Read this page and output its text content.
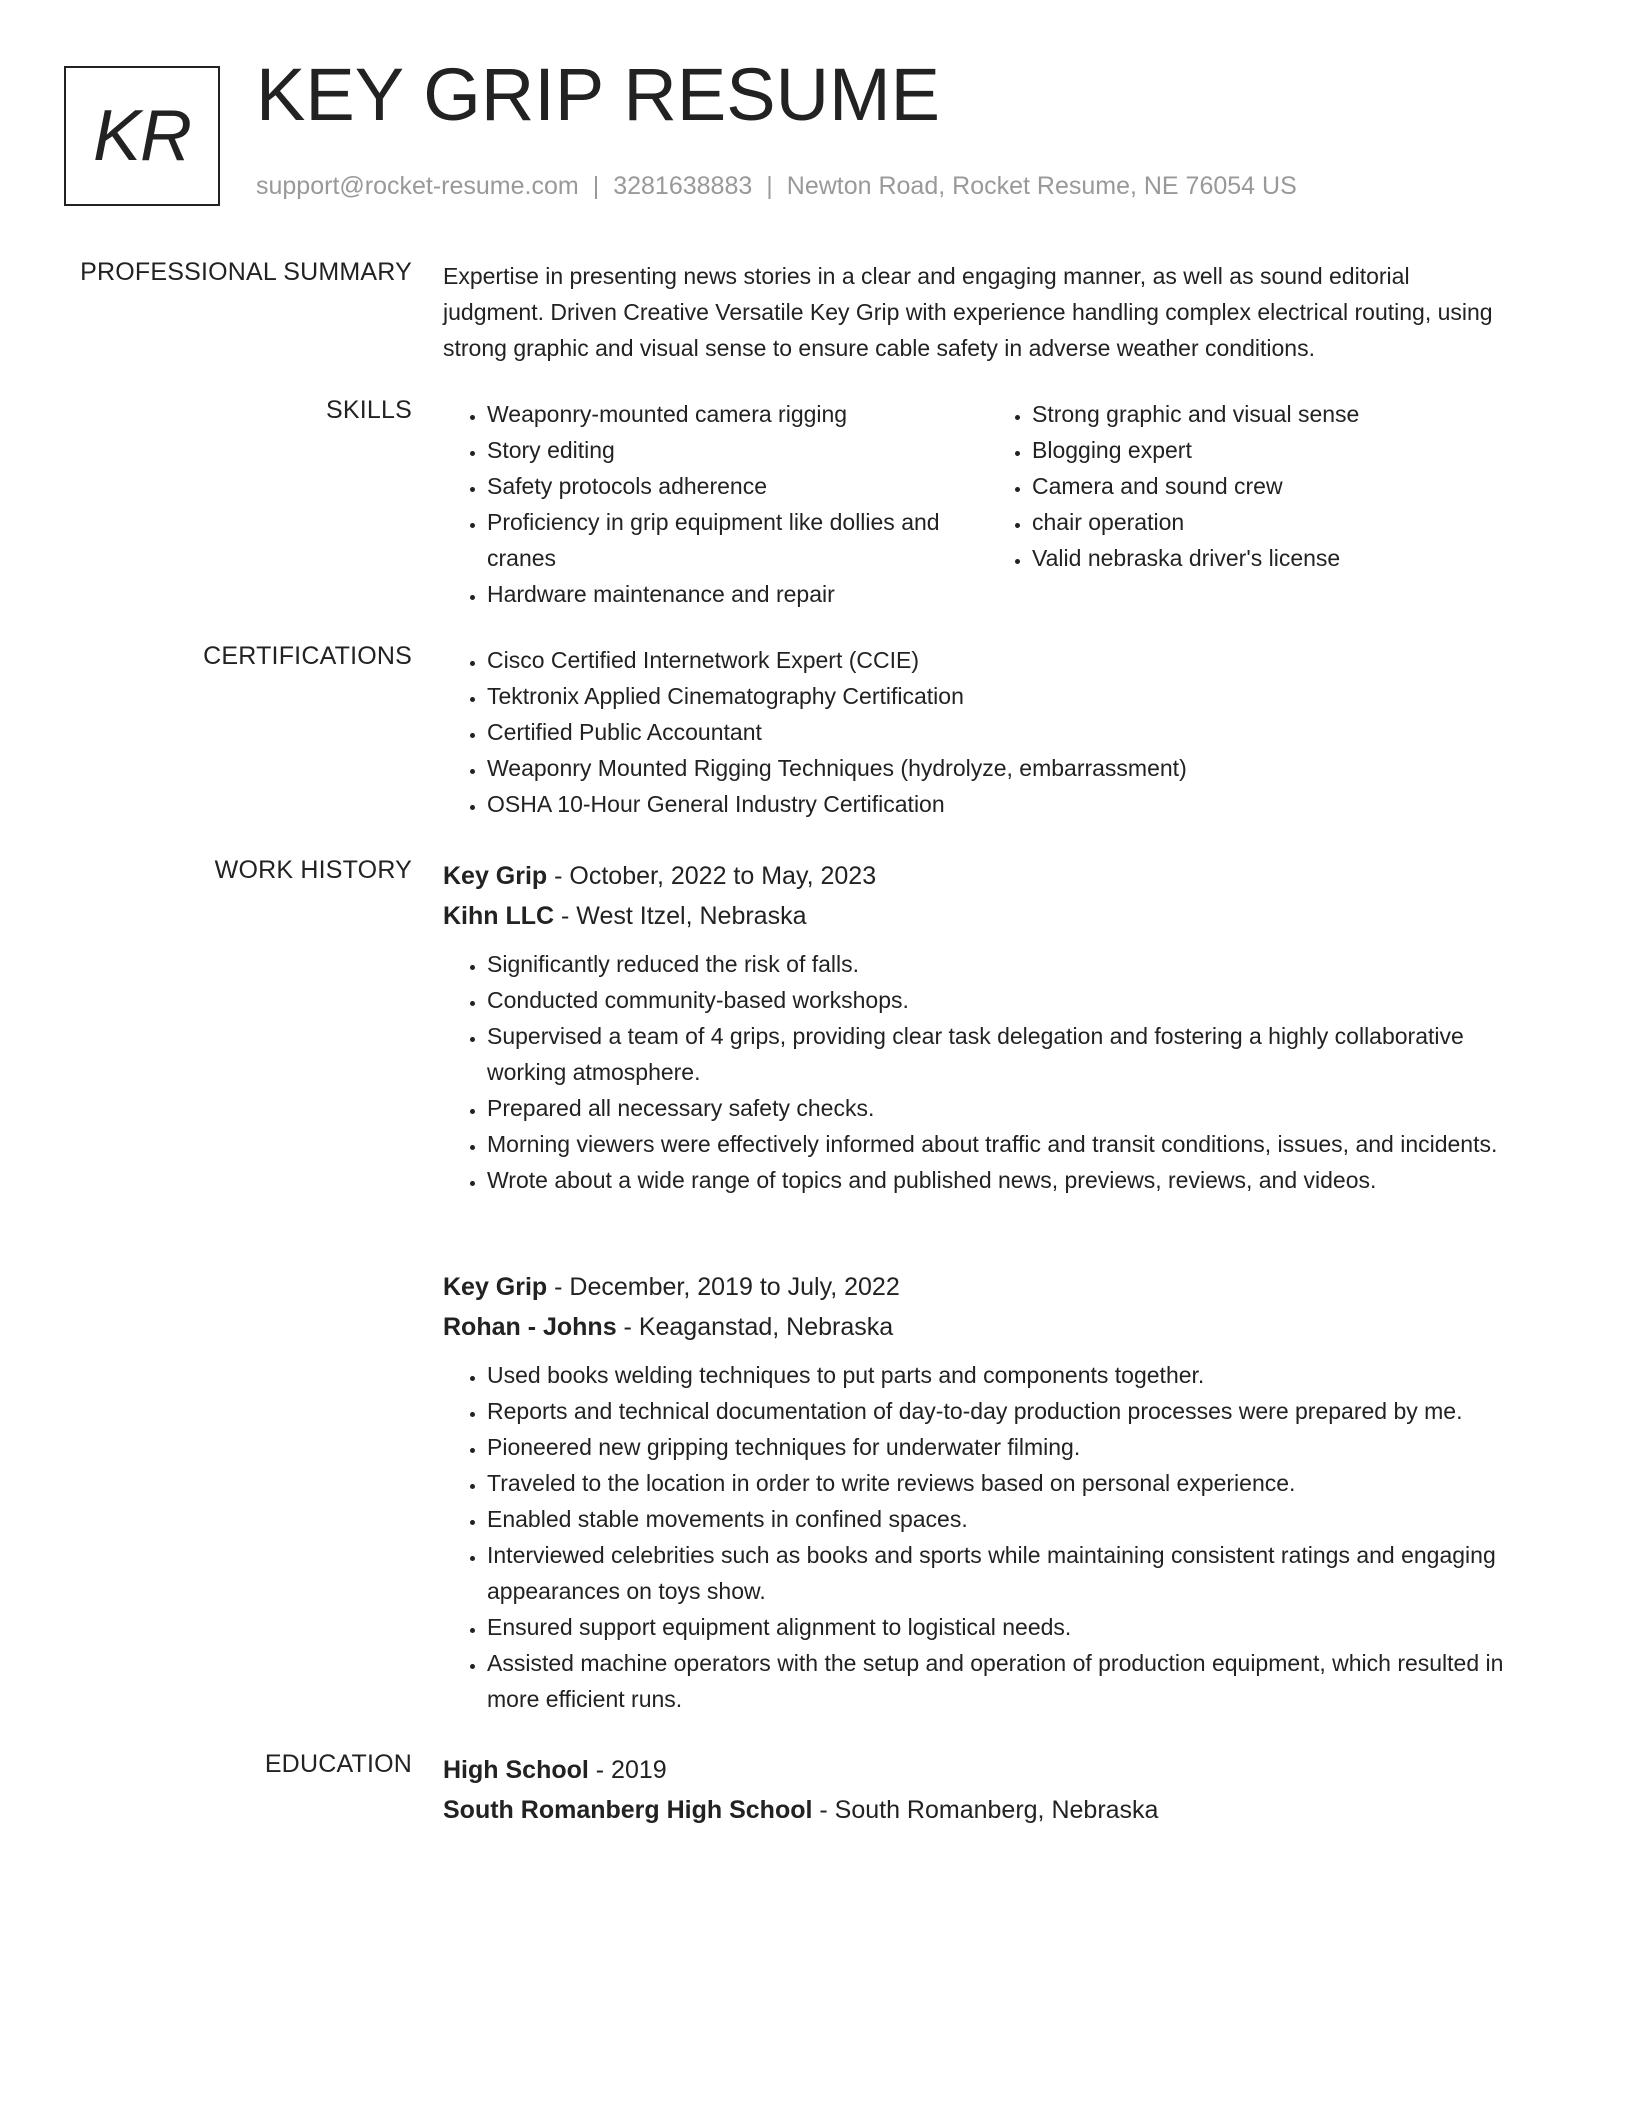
KR KEY GRIP RESUME
support@rocket-resume.com | 3281638883 | Newton Road, Rocket Resume, NE 76054 US
PROFESSIONAL SUMMARY Expertise in presenting news stories in a clear and engaging manner, as well as sound editorial judgment. Driven Creative Versatile Key Grip with experience handling complex electrical routing, using strong graphic and visual sense to ensure cable safety in adverse weather conditions.

SKILLS	• Weaponry-mounted camera rigging
• Story editing
• Safety protocols adherence
• Proficiency in grip equipment like dollies and cranes
• Hardware maintenance and repair
• Strong graphic and visual sense
• Blogging expert
• Camera and sound crew
• chair operation
• Valid nebraska driver's license
CERTIFICATIONS	• Cisco Certified Internetwork Expert (CCIE)
• Tektronix Applied Cinematography Certification
• Certified Public Accountant
• Weaponry Mounted Rigging Techniques (hydrolyze, embarrassment)
• OSHA 10-Hour General Industry Certification
WORK HISTORY Key Grip - October, 2022 to May, 2023
Kihn LLC - West Itzel, Nebraska
• Significantly reduced the risk of falls.
• Conducted community-based workshops.
• Supervised a team of 4 grips, providing clear task delegation and fostering a highly collaborative working atmosphere.
• Prepared all necessary safety checks.
• Morning viewers were effectively informed about traffic and transit conditions, issues, and incidents.
• Wrote about a wide range of topics and published news, previews, reviews, and videos.
Key Grip - December, 2019 to July, 2022
Rohan - Johns - Keaganstad, Nebraska
• Used books welding techniques to put parts and components together.
• Reports and technical documentation of day-to-day production processes were prepared by me.
• Pioneered new gripping techniques for underwater filming.
• Traveled to the location in order to write reviews based on personal experience.
• Enabled stable movements in confined spaces.
• Interviewed celebrities such as books and sports while maintaining consistent ratings and engaging appearances on toys show.
• Ensured support equipment alignment to logistical needs.
• Assisted machine operators with the setup and operation of production equipment, which resulted in more efficient runs.
EDUCATION High School - 2019
South Romanberg High School - South Romanberg, Nebraska
